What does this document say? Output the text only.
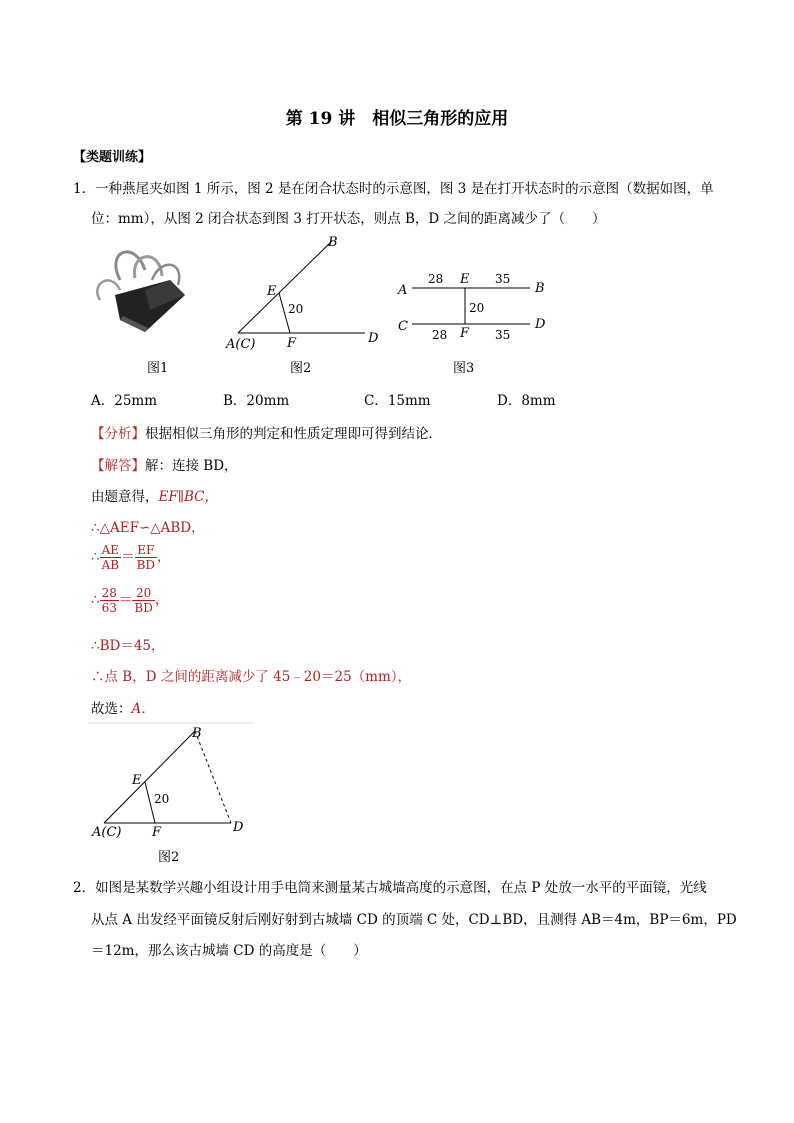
第 19 讲　相似三角形的应用
【类题训练】
1．一种燕尾夹如图 1 所示，图 2 是在闭合状态时的示意图，图 3 是在打开状态时的示意图（数据如图，单
位：mm），从图 2 闭合状态到图 3 打开状态，则点 B，D 之间的距离减少了（　　）
图1
B
E
20
F
A(C)	D
图2
A
28 E 35
B
20
C	F
D
28	35
图3
A．25mm	B．20mm	C．15mm	D．8mm
【分析】根据相似三角形的判定和性质定理即可得到结论．
【解答】解：连接 BD，
由题意得，EF∥BC，
∴△AEF∽△ABD，
∴ $\frac{AE}{AB} = \frac{EF}{BD}$ ，
∴ $\frac{28}{63} = \frac{20}{BD}$ ，
∴BD＝45，
∴点 B，D 之间的距离减少了 45﹣20＝25（mm），
故选：A．
B
E
20
F
A(C)	D
图2
2．如图是某数学兴趣小组设计用手电筒来测量某古城墙高度的示意图，在点 P 处放一水平的平面镜，光线
从点 A 出发经平面镜反射后刚好射到古城墙 CD 的顶端 C 处，CD⊥BD，且测得 AB＝4m，BP＝6m，PD
＝12m，那么该古城墙 CD 的高度是（　　）
